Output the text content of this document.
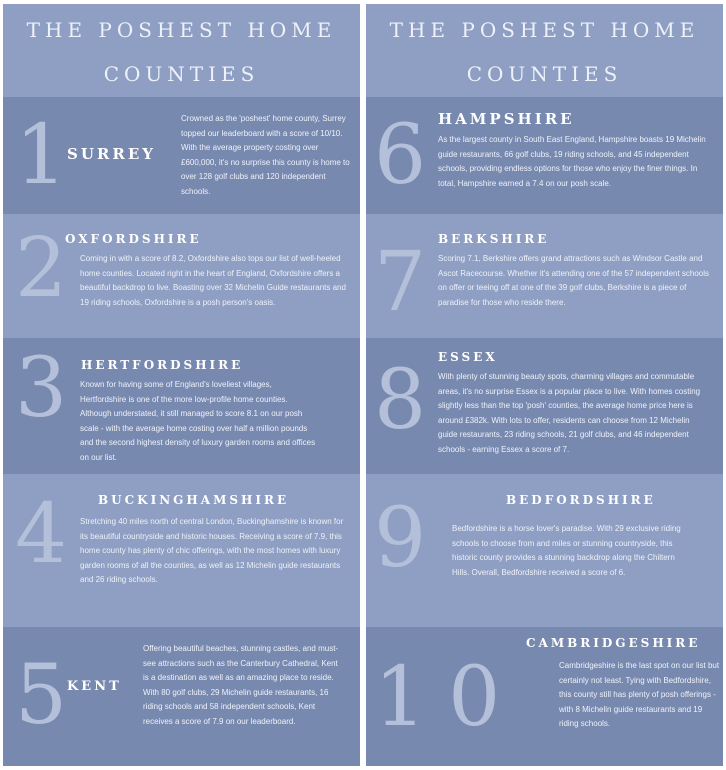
THE POSHEST HOME
COUNTIES
1 SURREY
Crowned as the 'poshest' home county, Surrey topped our leaderboard with a score of 10/10. With the average property costing over £600,000, it's no surprise this county is home to over 128 golf clubs and 120 independent schools.
2
OXFORDSHIRE
Coming in with a score of 8.2, Oxfordshire also tops our list of well-heeled home counties. Located right in the heart of England, Oxfordshire offers a beautiful backdrop to live. Boasting over 32 Michelin Guide restaurants and 19 riding schools, Oxfordshire is a posh person's oasis.
3 HERTFORDSHIRE
Known for having some of England's loveliest villages, Hertfordshire is one of the more low-profile home counties. Although understated, it still managed to score 8.1 on our posh scale - with the average home costing over half a million pounds and the second highest density of luxury garden rooms and offices on our list.
4	BUCKINGHAMSHIRE
Stretching 40 miles north of central London, Buckinghamshire is known for its beautiful countryside and historic houses. Receiving a score of 7.9, this home county has plenty of chic offerings, with the most homes with luxury garden rooms of all the counties, as well as 12 Michelin guide restaurants and 26 riding schools.
5 KENT
Offering beautiful beaches, stunning castles, and must-see attractions such as the Canterbury Cathedral, Kent is a destination as well as an amazing place to reside. With 80 golf clubs, 29 Michelin guide restaurants, 16 riding schools and 58 independent schools, Kent receives a score of 7.9 on our leaderboard.
THE POSHEST HOME
COUNTIES
6 HAMPSHIRE
As the largest county in South East England, Hampshire boasts 19 Michelin guide restaurants, 66 golf clubs, 19 riding schools, and 45 independent schools, providing endless options for those who enjoy the finer things. In total, Hampshire earned a 7.4 on our posh scale.
7 BERKSHIRE
Scoring 7.1, Berkshire offers grand attractions such as Windsor Castle and Ascot Racecourse. Whether it's attending one of the 57 independent schools on offer or teeing off at one of the 39 golf clubs, Berkshire is a piece of paradise for those who reside there.
8 ESSEX
With plenty of stunning beauty spots, charming villages and commutable areas, it's no surprise Essex is a popular place to live. With homes costing slightly less than the top 'posh' counties, the average home price here is around £382k. With lots to offer, residents can choose from 12 Michelin guide restaurants, 23 riding schools, 21 golf clubs, and 46 independent schools - earning Essex a score of 7.
9	BEDFORDSHIRE
Bedfordshire is a horse lover's paradise. With 29 exclusive riding schools to choose from and miles or stunning countryside, this historic county provides a stunning backdrop along the Chiltern Hills. Overall, Bedfordshire received a score of 6.
10
CAMBRIDGESHIRE
Cambridgeshire is the last spot on our list but certainly not least. Tying with Bedfordshire, this county still has plenty of posh offerings - with 8 Michelin guide restaurants and 19 riding schools.
